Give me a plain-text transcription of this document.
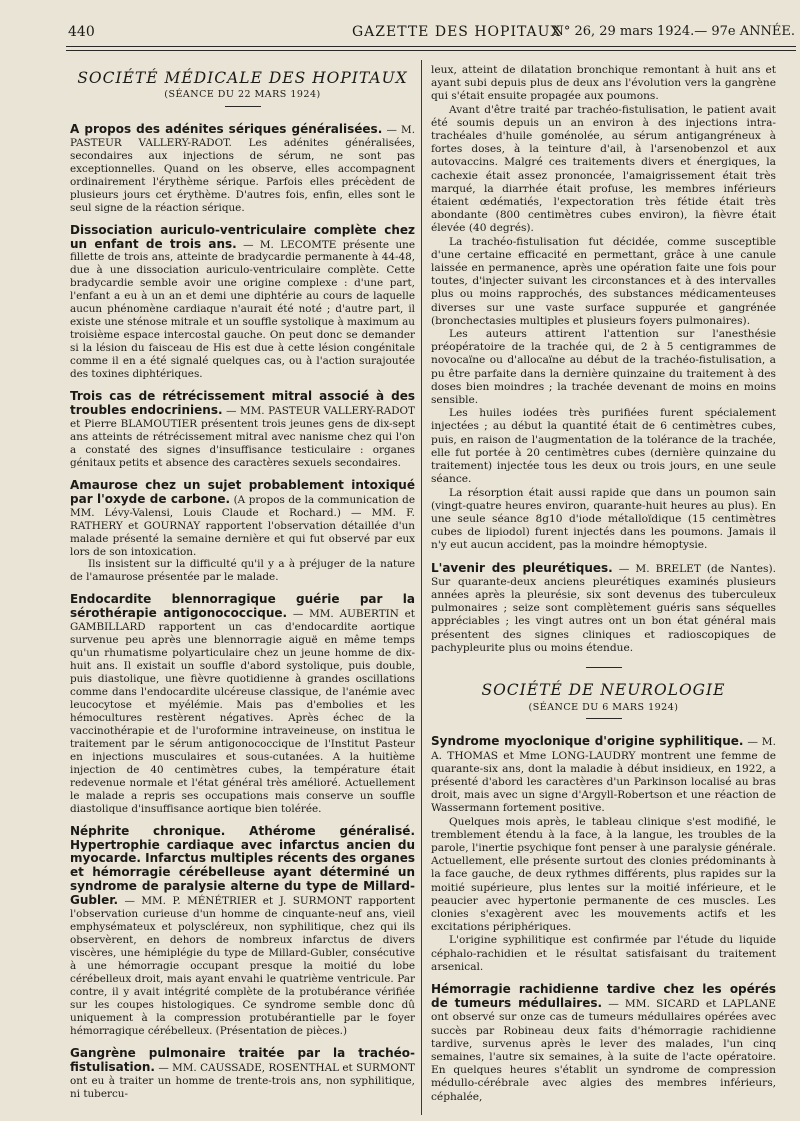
440	GAZETTE DES HOPITAUX
N° 26, 29 mars 1924.— 97e ANNÉE.
SOCIÉTÉ MÉDICALE DES HOPITAUX
(SÉANCE DU 22 MARS 1924)

A propos des adénites sériques généralisées. — M. PASTEUR VALLERY-RADOT. Les adénites généralisées, secondaires aux injections de sérum, ne sont pas exceptionnelles. Quand on les observe, elles accompagnent ordinairement l'érythème sérique. Parfois elles précèdent de plusieurs jours cet érythème. D'autres fois, enfin, elles sont le seul signe de la réaction sérique.

Dissociation auriculo-ventriculaire complète chez un enfant de trois ans. — M. LECOMTE présente une fillette de trois ans, atteinte de bradycardie permanente à 44-48, due à une dissociation auriculo-ventriculaire complète. Cette bradycardie semble avoir une origine complexe : d'une part, l'enfant a eu à un an et demi une diphtérie au cours de laquelle aucun phénomène cardiaque n'aurait été noté ; d'autre part, il existe une sténose mitrale et un souffle systolique à maximum au troisième espace intercostal gauche. On peut donc se demander si la lésion du faisceau de His est due à cette lésion congénitale comme il en a été signalé quelques cas, ou à l'action surajoutée des toxines diphtériques.

Trois cas de rétrécissement mitral associé à des troubles endocriniens. — MM. PASTEUR VALLERY-RADOT et Pierre BLAMOUTIER présentent trois jeunes gens de dix-sept ans atteints de rétrécissement mitral avec nanisme chez qui l'on a constaté des signes d'insuffisance testiculaire : organes génitaux petits et absence des caractères sexuels secondaires.

Amaurose chez un sujet probablement intoxiqué par l'oxyde de carbone. (A propos de la communication de MM. Lévy-Valensi, Louis Claude et Rochard.) — MM. F. RATHERY et GOURNAY rapportent l'observation détaillée d'un malade présenté la semaine dernière et qui fut observé par eux lors de son intoxication.

Ils insistent sur la difficulté qu'il y a à préjuger de la nature de l'amaurose présentée par le malade.

Endocardite blennorragique guérie par la sérothérapie antigonococcique. — MM. AUBERTIN et GAMBILLARD rapportent un cas d'endocardite aortique survenue peu après une blennorragie aiguë en même temps qu'un rhumatisme polyarticulaire chez un jeune homme de dix-huit ans. Il existait un souffle d'abord systolique, puis double, puis diastolique, une fièvre quotidienne à grandes oscillations comme dans l'endocardite ulcéreuse classique, de l'anémie avec leucocytose et myélémie. Mais pas d'embolies et les hémocultures restèrent négatives. Après échec de la vaccinothérapie et de l'uroformine intraveineuse, on institua le traitement par le sérum antigonococcique de l'Institut Pasteur en injections musculaires et sous-cutanées. A la huitième injection de 40 centimètres cubes, la température était redevenue normale et l'état général très amélioré. Actuellement le malade a repris ses occupations mais conserve un souffle diastolique d'insuffisance aortique bien tolérée.

Néphrite chronique. Athérome généralisé. Hypertrophie cardiaque avec infarctus ancien du myocarde. Infarctus multiples récents des organes et hémorragie cérébelleuse ayant déterminé un syndrome de paralysie alterne du type de Millard-Gubler. — MM. P. MÉNÉTRIER et J. SURMONT rapportent l'observation curieuse d'un homme de cinquante-neuf ans, vieil emphysémateux et polyscléreux, non syphilitique, chez qui ils observèrent, en dehors de nombreux infarctus de divers viscères, une hémiplégie du type de Millard-Gubler, consécutive à une hémorragie occupant presque la moitié du lobe cérébelleux droit, mais ayant envahi le quatrième ventricule. Par contre, il y avait intégrité complète de la protubérance vérifiée sur les coupes histologiques. Ce syndrome semble donc dû uniquement à la compression protubérantielle par le foyer hémorragique cérébelleux. (Présentation de pièces.)

Gangrène pulmonaire traitée par la trachéo-fistulisation. — MM. CAUSSADE, ROSENTHAL et SURMONT ont eu à traiter un homme de trente-trois ans, non syphilitique, ni tubercu-

leux, atteint de dilatation bronchique remontant à huit ans et ayant subi depuis plus de deux ans l'évolution vers la gangrène qui s'était ensuite propagée aux poumons.

Avant d'être traité par trachéo-fistulisation, le patient avait été soumis depuis un an environ à des injections intra-trachéales d'huile goménolée, au sérum antigangréneux à fortes doses, à la teinture d'ail, à l'arsenobenzol et aux autovaccins. Malgré ces traitements divers et énergiques, la cachexie était assez prononcée, l'amaigrissement était très marqué, la diarrhée était profuse, les membres inférieurs étaient œdématiés, l'expectoration très fétide était très abondante (800 centimètres cubes environ), la fièvre était élevée (40 degrés).

La trachéo-fistulisation fut décidée, comme susceptible d'une certaine efficacité en permettant, grâce à une canule laissée en permanence, après une opération faite une fois pour toutes, d'injecter suivant les circonstances et à des intervalles plus ou moins rapprochés, des substances médicamenteuses diverses sur une vaste surface suppurée et gangrénée (bronchectasies multiples et plusieurs foyers pulmonaires).

Les auteurs attirent l'attention sur l'anesthésie préopératoire de la trachée qui, de 2 à 5 centigrammes de novocaïne ou d'allocaïne au début de la trachéo-fistulisation, a pu être parfaite dans la dernière quinzaine du traitement à des doses bien moindres ; la trachée devenant de moins en moins sensible.

Les huiles iodées très purifiées furent spécialement injectées ; au début la quantité était de 6 centimètres cubes, puis, en raison de l'augmentation de la tolérance de la trachée, elle fut portée à 20 centimètres cubes (dernière quinzaine du traitement) injectée tous les deux ou trois jours, en une seule séance.

La résorption était aussi rapide que dans un poumon sain (vingt-quatre heures environ, quarante-huit heures au plus). En une seule séance 8g10 d'iode métalloïdique (15 centimètres cubes de lipiodol) furent injectés dans les poumons. Jamais il n'y eut aucun accident, pas la moindre hémoptysie.

L'avenir des pleurétiques. — M. BRELET (de Nantes). Sur quarante-deux anciens pleurétiques examinés plusieurs années après la pleurésie, six sont devenus des tuberculeux pulmonaires ; seize sont complètement guéris sans séquelles appréciables ; les vingt autres ont un bon état général mais présentent des signes cliniques et radioscopiques de pachypleurite plus ou moins étendue.

SOCIÉTÉ DE NEUROLOGIE
(SÉANCE DU 6 MARS 1924)

Syndrome myoclonique d'origine syphilitique. — M. A. THOMAS et Mme LONG-LAUDRY montrent une femme de quarante-six ans, dont la maladie à début insidieux, en 1922, a présenté d'abord les caractères d'un Parkinson localisé au bras droit, mais avec un signe d'Argyll-Robertson et une réaction de Wassermann fortement positive.

Quelques mois après, le tableau clinique s'est modifié, le tremblement étendu à la face, à la langue, les troubles de la parole, l'inertie psychique font penser à une paralysie générale. Actuellement, elle présente surtout des clonies prédominants à la face gauche, de deux rythmes différents, plus rapides sur la moitié supérieure, plus lentes sur la moitié inférieure, et le peaucier avec hypertonie permanente de ces muscles. Les clonies s'exagèrent avec les mouvements actifs et les excitations périphériques.

L'origine syphilitique est confirmée par l'étude du liquide céphalo-rachidien et le résultat satisfaisant du traitement arsenical.

Hémorragie rachidienne tardive chez les opérés de tumeurs médullaires. — MM. SICARD et LAPLANE ont observé sur onze cas de tumeurs médullaires opérées avec succès par Robineau deux faits d'hémorragie rachidienne tardive, survenus après le lever des malades, l'un cinq semaines, l'autre six semaines, à la suite de l'acte opératoire. En quelques heures s'établit un syndrome de compression médullo-cérébrale avec algies des membres inférieurs, céphalée,
